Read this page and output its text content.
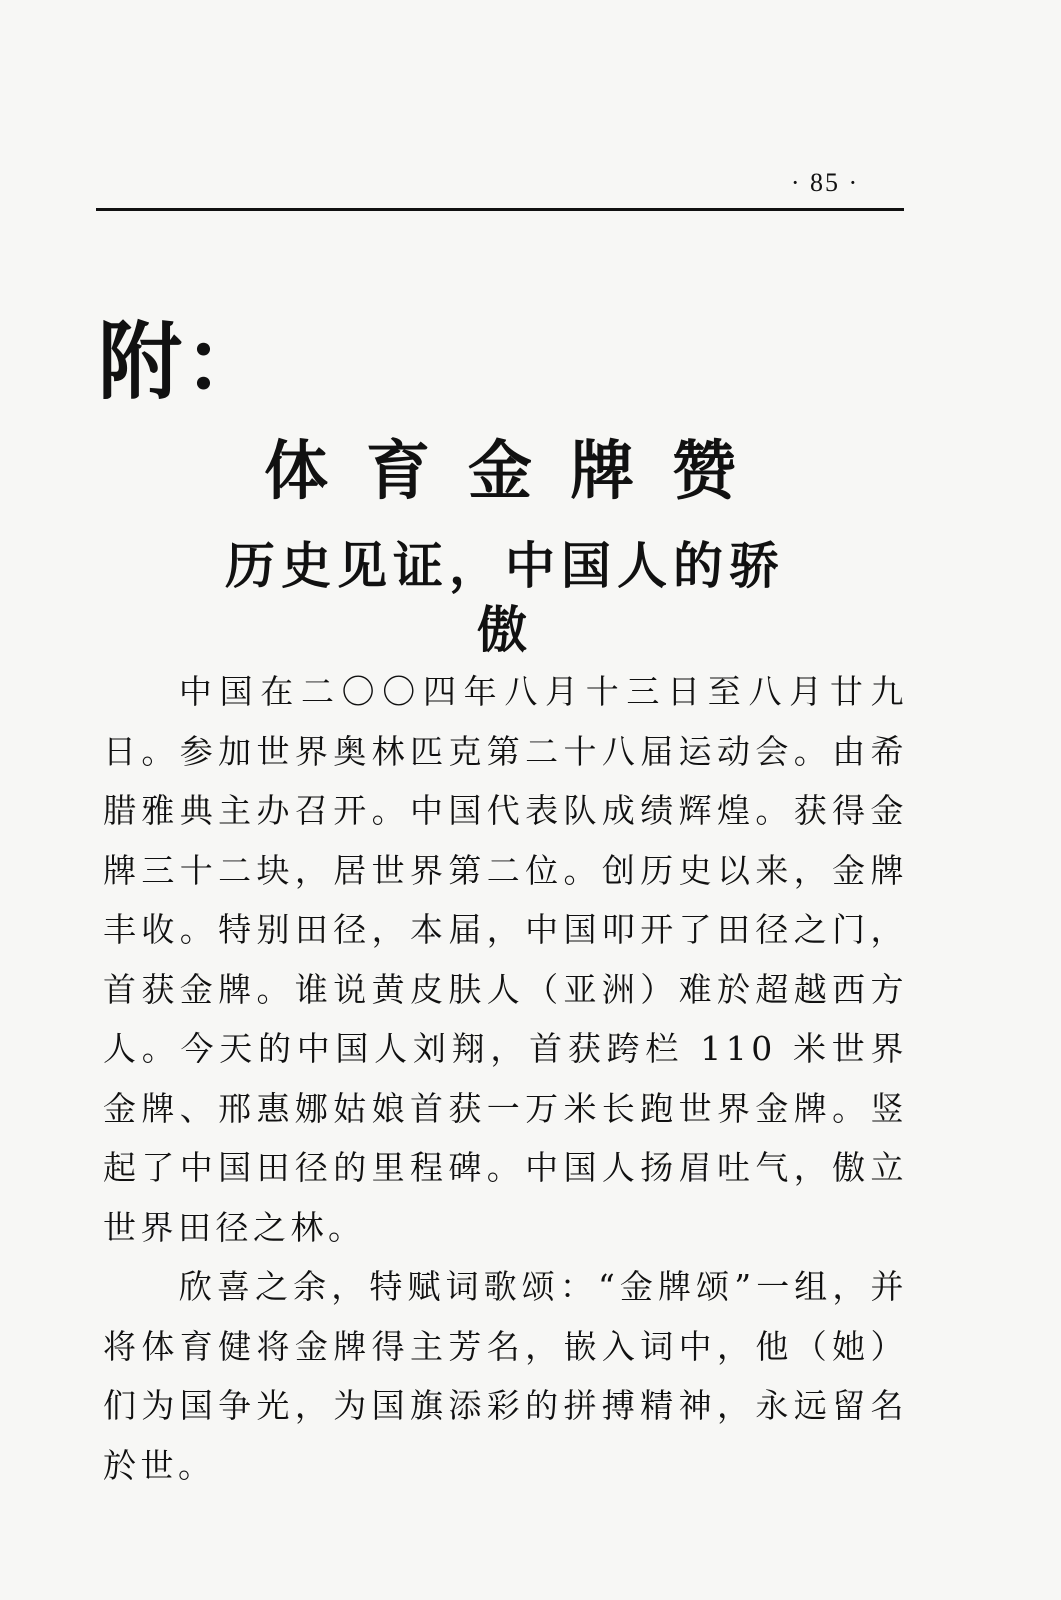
· 85 ·
附：
体育金牌赞
历史见证，中国人的骄傲

中国在二〇〇四年八月十三日至八月廿九日。参加世界奥林匹克第二十八届运动会。由希腊雅典主办召开。中国代表队成绩辉煌。获得金牌三十二块，居世界第二位。创历史以来，金牌丰收。特别田径，本届，中国叩开了田径之门，首获金牌。谁说黄皮肤人（亚洲）难於超越西方人。今天的中国人刘翔，首获跨栏 110 米世界金牌、邢惠娜姑娘首获一万米长跑世界金牌。竖起了中国田径的里程碑。中国人扬眉吐气，傲立世界田径之林。

欣喜之余，特赋词歌颂：“金牌颂”一组，并将体育健将金牌得主芳名，嵌入词中，他（她）们为国争光，为国旗添彩的拼搏精神，永远留名於世。
